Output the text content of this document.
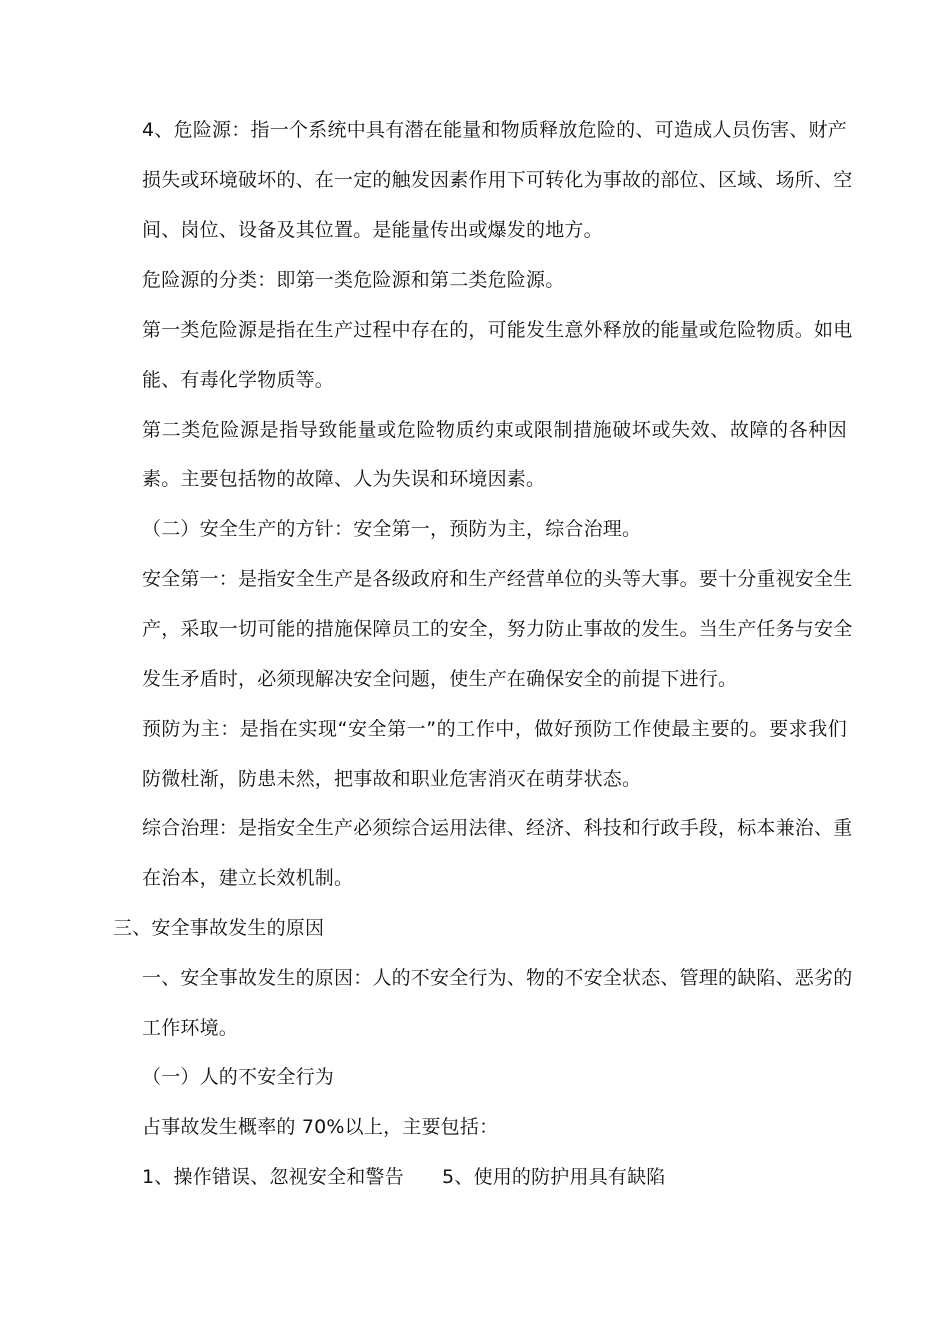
4、危险源：指一个系统中具有潜在能量和物质释放危险的、可造成人员伤害、财产
损失或环境破坏的、在一定的触发因素作用下可转化为事故的部位、区域、场所、空
间、岗位、设备及其位置。是能量传出或爆发的地方。
危险源的分类：即第一类危险源和第二类危险源。
第一类危险源是指在生产过程中存在的，可能发生意外释放的能量或危险物质。如电
能、有毒化学物质等。
第二类危险源是指导致能量或危险物质约束或限制措施破坏或失效、故障的各种因
素。主要包括物的故障、人为失误和环境因素。
（二）安全生产的方针：安全第一，预防为主，综合治理。
安全第一：是指安全生产是各级政府和生产经营单位的头等大事。要十分重视安全生
产，采取一切可能的措施保障员工的安全，努力防止事故的发生。当生产任务与安全
发生矛盾时，必须现解决安全问题，使生产在确保安全的前提下进行。
预防为主：是指在实现“安全第一”的工作中，做好预防工作使最主要的。要求我们
防微杜渐，防患未然，把事故和职业危害消灭在萌芽状态。
综合治理：是指安全生产必须综合运用法律、经济、科技和行政手段，标本兼治、重
在治本，建立长效机制。
三、安全事故发生的原因
一、安全事故发生的原因：人的不安全行为、物的不安全状态、管理的缺陷、恶劣的
工作环境。
（一）人的不安全行为
占事故发生概率的 70%以上，主要包括：
1、操作错误、忽视安全和警告	5、使用的防护用具有缺陷
